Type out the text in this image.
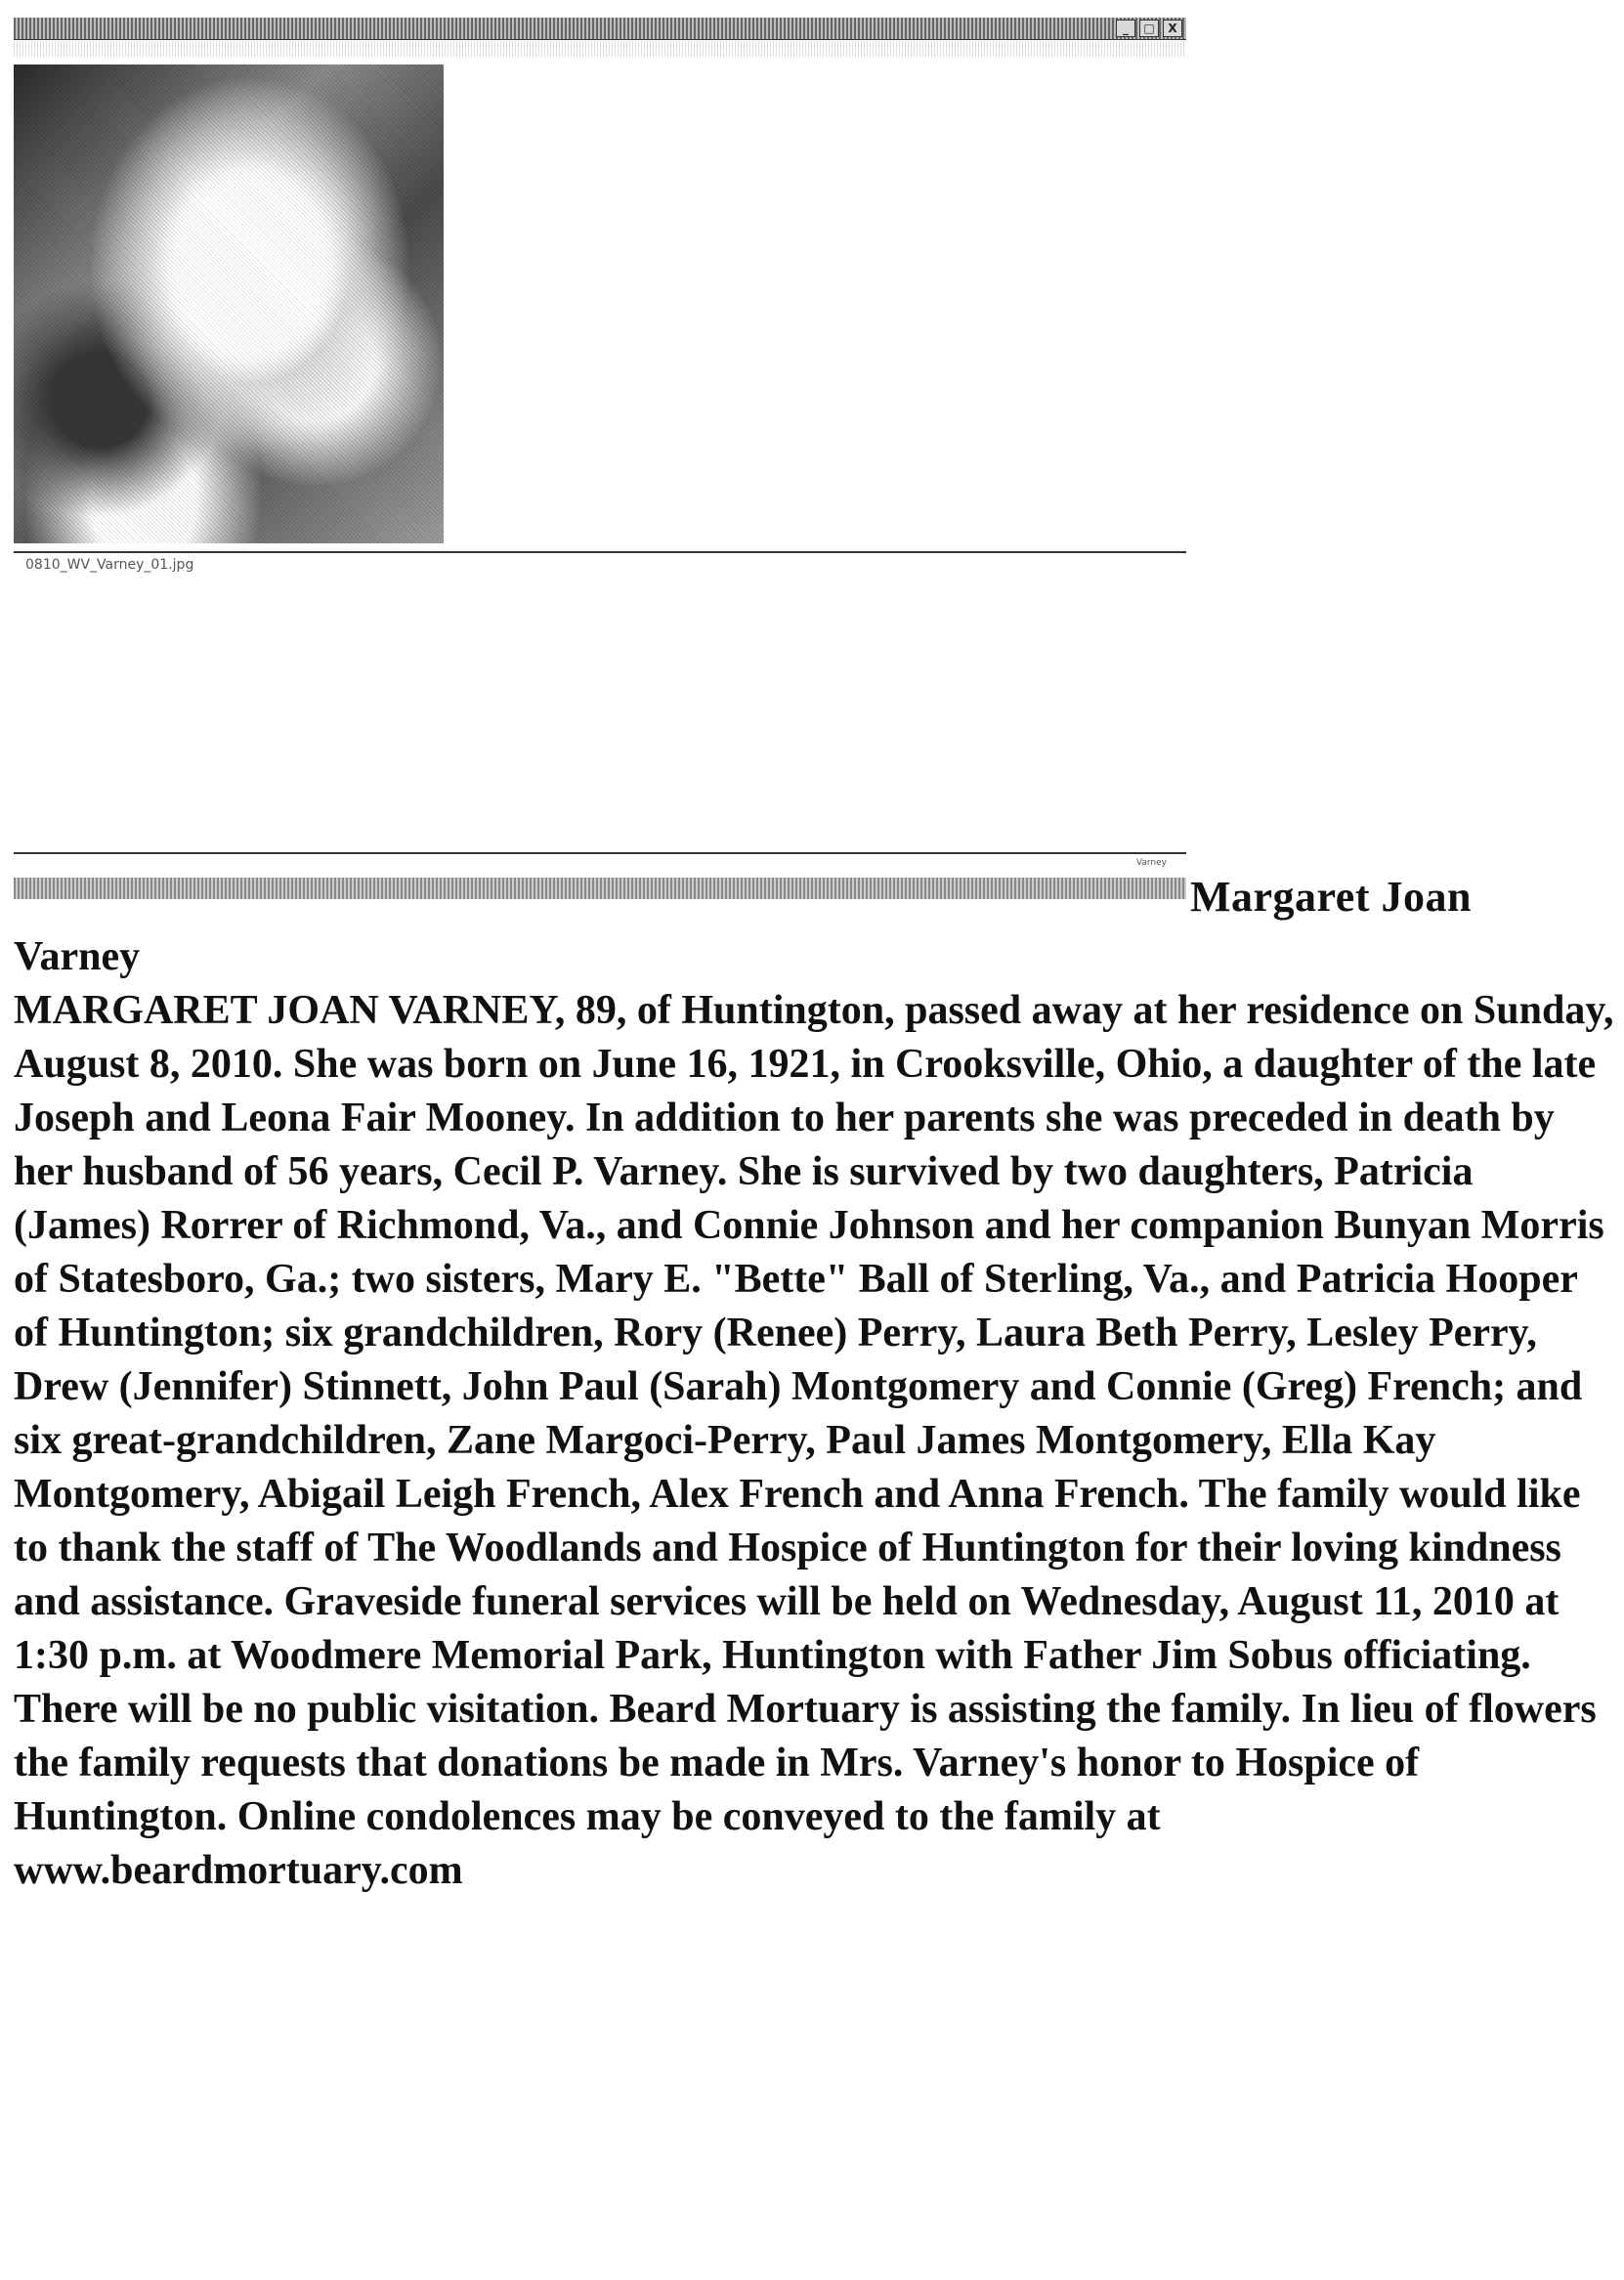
_	□	X
0810_WV_Varney_01.jpg
Varney
Margaret Joan
Varney
MARGARET JOAN VARNEY, 89, of Huntington, passed away at her residence on Sunday, August 8, 2010. She was born on June 16, 1921, in Crooksville, Ohio, a daughter of the late Joseph and Leona Fair Mooney. In addition to her parents she was preceded in death by her husband of 56 years, Cecil P. Varney. She is survived by two daughters, Patricia (James) Rorrer of Richmond, Va., and Connie Johnson and her companion Bunyan Morris of Statesboro, Ga.; two sisters, Mary E. "Bette" Ball of Sterling, Va., and Patricia Hooper of Huntington; six grandchildren, Rory (Renee) Perry, Laura Beth Perry, Lesley Perry, Drew (Jennifer) Stinnett, John Paul (Sarah) Montgomery and Connie (Greg) French; and six great-grandchildren, Zane Margoci-Perry, Paul James Montgomery, Ella Kay Montgomery, Abigail Leigh French, Alex French and Anna French. The family would like to thank the staff of The Woodlands and Hospice of Huntington for their loving kindness and assistance. Graveside funeral services will be held on Wednesday, August 11, 2010 at 1:30 p.m. at Woodmere Memorial Park, Huntington with Father Jim Sobus officiating. There will be no public visitation. Beard Mortuary is assisting the family. In lieu of flowers the family requests that donations be made in Mrs. Varney's honor to Hospice of Huntington. Online condolences may be conveyed to the family at www.beardmortuary.com
